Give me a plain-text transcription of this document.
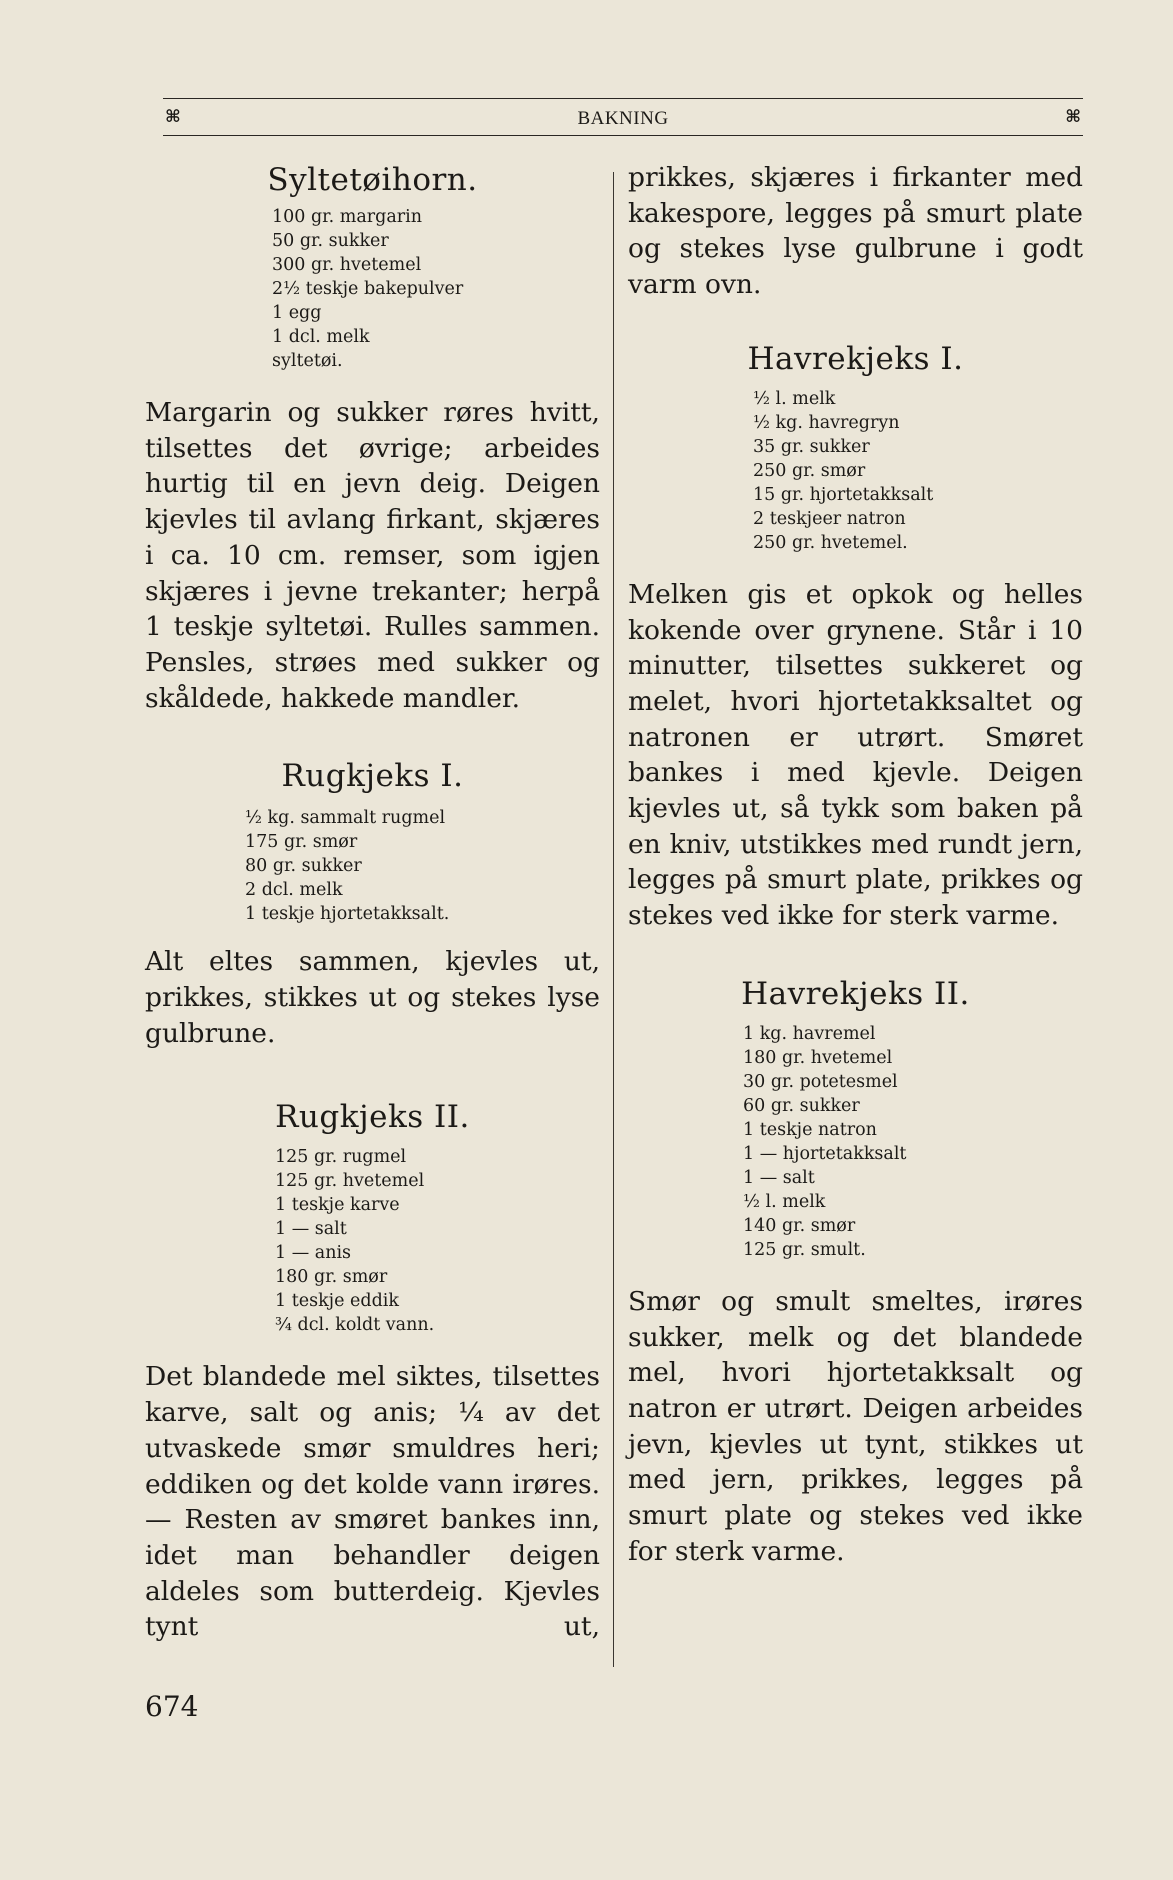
⌘	BAKNING	⌘
Syltetøihorn.
100 gr. margarin
50 gr. sukker
300 gr. hvetemel
2½ teskje bakepulver
1 egg
1 dcl. melk
syltetøi.

Margarin og sukker røres hvitt, tilsettes det øvrige; arbeides hurtig til en jevn deig. Deigen kjevles til avlang firkant, skjæres i ca. 10 cm. remser, som igjen skjæres i jevne trekanter; herpå 1 teskje syltetøi. Rulles sammen. Pensles, strøes med sukker og skåldede, hakkede mandler.

Rugkjeks I.
½ kg. sammalt rugmel
175 gr. smør
80 gr. sukker
2 dcl. melk
1 teskje hjortetakksalt.

Alt eltes sammen, kjevles ut, prikkes, stikkes ut og stekes lyse gulbrune.

Rugkjeks II.
125 gr. rugmel
125 gr. hvetemel
1 teskje karve
1 — salt
1 — anis
180 gr. smør
1 teskje eddik
¾ dcl. koldt vann.

Det blandede mel siktes, tilsettes karve, salt og anis; ¼ av det utvaskede smør smuldres heri; eddiken og det kolde vann irøres. — Resten av smøret bankes inn, idet man behandler deigen aldeles som butterdeig. Kjevles tynt ut,

prikkes, skjæres i firkanter med kakespore, legges på smurt plate og stekes lyse gulbrune i godt varm ovn.

Havrekjeks I.
½ l. melk
½ kg. havregryn
35 gr. sukker
250 gr. smør
15 gr. hjortetakksalt
2 teskjeer natron
250 gr. hvetemel.

Melken gis et opkok og helles kokende over grynene. Står i 10 minutter, tilsettes sukkeret og melet, hvori hjortetakksaltet og natronen er utrørt. Smøret bankes i med kjevle. Deigen kjevles ut, så tykk som baken på en kniv, utstikkes med rundt jern, legges på smurt plate, prikkes og stekes ved ikke for sterk varme.

Havrekjeks II.
1 kg. havremel
180 gr. hvetemel
30 gr. potetesmel
60 gr. sukker
1 teskje natron
1 — hjortetakksalt
1 — salt
½ l. melk
140 gr. smør
125 gr. smult.

Smør og smult smeltes, irøres sukker, melk og det blandede mel, hvori hjortetakksalt og natron er utrørt. Deigen arbeides jevn, kjevles ut tynt, stikkes ut med jern, prikkes, legges på smurt plate og stekes ved ikke for sterk varme.

674
